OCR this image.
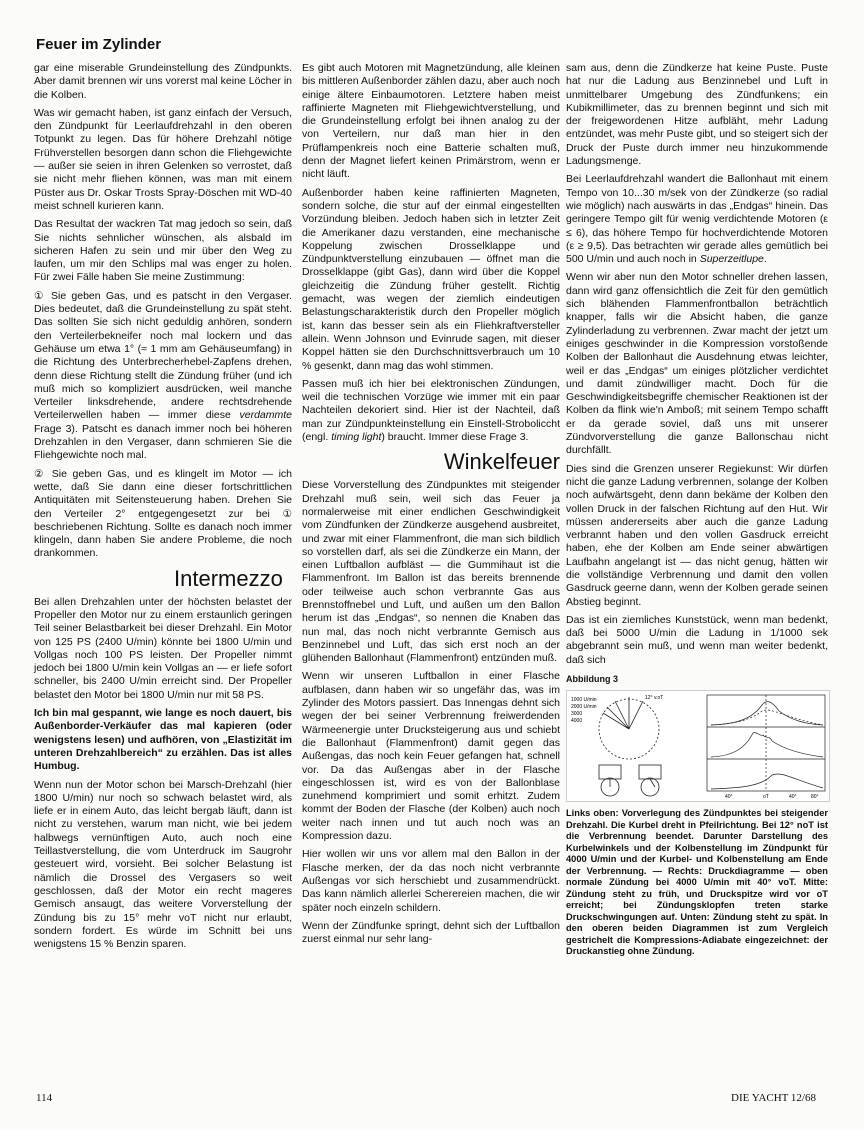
Feuer im Zylinder

gar eine miserable Grundeinstellung des Zündpunkts. Aber damit brennen wir uns vorerst mal keine Löcher in die Kolben.

Was wir gemacht haben, ist ganz einfach der Versuch, den Zündpunkt für Leerlaufdrehzahl in den oberen Totpunkt zu legen. Das für höhere Drehzahl nötige Frühverstellen besorgen dann schon die Fliehgewichte — außer sie seien in ihren Gelenken so verrostet, daß sie nicht mehr fliehen können, was man mit einem Püster aus Dr. Oskar Trosts Spray-Döschen mit WD-40 meist schnell kurieren kann.

Das Resultat der wackren Tat mag jedoch so sein, daß Sie nichts sehnlicher wünschen, als alsbald im sicheren Hafen zu sein und mir über den Weg zu laufen, um mir den Schlips mal was enger zu holen. Für zwei Fälle haben Sie meine Zustimmung:

① Sie geben Gas, und es patscht in den Vergaser. Dies bedeutet, daß die Grundeinstellung zu spät steht. Das sollten Sie sich nicht geduldig anhören, sondern den Verteilerbekneifer noch mal lockern und das Gehäuse um etwa 1° (≈ 1 mm am Gehäuseumfang) in die Richtung des Unterbrecherhebel-Zapfens drehen, denn diese Richtung stellt die Zündung früher (und ich muß mich so kompliziert ausdrücken, weil manche Verteiler linksdrehende, andere rechtsdrehende Verteilerwellen haben — immer diese verdammte Frage 3). Patscht es danach immer noch bei höheren Drehzahlen in den Vergaser, dann schmieren Sie die Fliehgewichte noch mal.

② Sie geben Gas, und es klingelt im Motor — ich wette, daß Sie dann eine dieser fortschrittlichen Antiquitäten mit Seitensteuerung haben. Drehen Sie den Verteiler 2° entgegengesetzt zur bei ① beschriebenen Richtung. Sollte es danach noch immer klingeln, dann haben Sie andere Probleme, die noch drankommen.

Intermezzo

Bei allen Drehzahlen unter der höchsten belastet der Propeller den Motor nur zu einem erstaunlich geringen Teil seiner Belastbarkeit bei dieser Drehzahl. Ein Motor von 125 PS (2400 U/min) könnte bei 1800 U/min und Vollgas noch 100 PS leisten. Der Propeller nimmt jedoch bei 1800 U/min kein Vollgas an — er liefe sofort schneller, bis 2400 U/min erreicht sind. Der Propeller belastet den Motor bei 1800 U/min nur mit 58 PS.

Ich bin mal gespannt, wie lange es noch dauert, bis Außenborder-Verkäufer das mal kapieren (oder wenigstens lesen) und aufhören, von „Elastizität im unteren Drehzahlbereich“ zu erzählen. Das ist alles Humbug.

Wenn nun der Motor schon bei Marsch-Drehzahl (hier 1800 U/min) nur noch so schwach belastet wird, als liefe er in einem Auto, das leicht bergab läuft, dann ist nicht zu verstehen, warum man nicht, wie bei jedem halbwegs vernünftigen Auto, auch noch eine Teillastverstellung, die vom Unterdruck im Saugrohr gesteuert wird, vorsieht. Bei solcher Belastung ist nämlich die Drossel des Vergasers so weit geschlossen, daß der Motor ein recht mageres Gemisch ansaugt, das weitere Vorverstellung der Zündung bis zu 15° mehr voT nicht nur erlaubt, sondern fordert. Es würde im Schnitt bei uns wenigstens 15 % Benzin sparen.

Es gibt auch Motoren mit Magnetzündung, alle kleinen bis mittleren Außenborder zählen dazu, aber auch noch einige ältere Einbaumotoren. Letztere haben meist raffinierte Magneten mit Fliehgewichtverstellung, und die Grundeinstellung erfolgt bei ihnen analog zu der von Verteilern, nur daß man hier in den Prüflampenkreis noch eine Batterie schalten muß, denn der Magnet liefert keinen Primärstrom, wenn er nicht läuft.

Außenborder haben keine raffinierten Magneten, sondern solche, die stur auf der einmal eingestellten Vorzündung bleiben. Jedoch haben sich in letzter Zeit die Amerikaner dazu verstanden, eine mechanische Koppelung zwischen Drosselklappe und Zündpunktverstellung einzubauen — öffnet man die Drosselklappe (gibt Gas), dann wird über die Koppel gleichzeitig die Zündung früher gestellt. Richtig gemacht, was wegen der ziemlich eindeutigen Belastungscharakteristik durch den Propeller möglich ist, kann das besser sein als ein Fliehkraftversteller allein. Wenn Johnson und Evinrude sagen, mit dieser Koppel hätten sie den Durchschnittsverbrauch um 10 % gesenkt, dann mag das wohl stimmen.

Passen muß ich hier bei elektronischen Zündungen, weil die technischen Vorzüge wie immer mit ein paar Nachteilen dekoriert sind. Hier ist der Nachteil, daß man zur Zündpunkteinstellung ein Einstell-Stroboliccht (engl. timing light) braucht. Immer diese Frage 3.

Winkelfeuer

Diese Vorverstellung des Zündpunktes mit steigender Drehzahl muß sein, weil sich das Feuer ja normalerweise mit einer endlichen Geschwindigkeit vom Zündfunken der Zündkerze ausgehend ausbreitet, und zwar mit einer Flammenfront, die man sich bildlich so vorstellen darf, als sei die Zündkerze ein Mann, der einen Luftballon aufbläst — die Gummihaut ist die Flammenfront. Im Ballon ist das bereits brennende oder teilweise auch schon verbrannte Gas aus Brennstoffnebel und Luft, und außen um den Ballon herum ist das „Endgas“, so nennen die Knaben das nun mal, das noch nicht verbrannte Gemisch aus Benzinnebel und Luft, das sich erst noch an der glühenden Ballonhaut (Flammenfront) entzünden muß.

Wenn wir unseren Luftballon in einer Flasche aufblasen, dann haben wir so ungefähr das, was im Zylinder des Motors passiert. Das Innengas dehnt sich wegen der bei seiner Verbrennung freiwerdenden Wärmeenergie unter Drucksteigerung aus und schiebt die Ballonhaut (Flammenfront) damit gegen das Außengas, das noch kein Feuer gefangen hat, schnell vor. Da das Außengas aber in der Flasche eingeschlossen ist, wird es von der Ballonblase zunehmend komprimiert und somit erhitzt. Zudem kommt der Boden der Flasche (der Kolben) auch noch weiter nach innen und tut auch noch was an Kompression dazu.

Hier wollen wir uns vor allem mal den Ballon in der Flasche merken, der da das noch nicht verbrannte Außengas vor sich herschiebt und zusammendrückt. Das kann nämlich allerlei Scherereien machen, die wir später noch einzeln schildern.

Wenn der Zündfunke springt, dehnt sich der Luftballon zuerst einmal nur sehr lang-

sam aus, denn die Zündkerze hat keine Puste. Puste hat nur die Ladung aus Benzinnebel und Luft in unmittelbarer Umgebung des Zündfunkens; ein Kubikmillimeter, das zu brennen beginnt und sich mit der freigewordenen Hitze aufbläht, mehr Ladung entzündet, was mehr Puste gibt, und so steigert sich der Druck der Puste durch immer neu hinzukommende Ladungsmenge.

Bei Leerlaufdrehzahl wandert die Ballonhaut mit einem Tempo von 10...30 m/sek von der Zündkerze (so radial wie möglich) nach auswärts in das „Endgas“ hinein. Das geringere Tempo gilt für wenig verdichtende Motoren (ε ≤ 6), das höhere Tempo für hochverdichtende Motoren (ε ≥ 9,5). Das betrachten wir gerade alles gemütlich bei 500 U/min und auch noch in Superzeitlupe.

Wenn wir aber nun den Motor schneller drehen lassen, dann wird ganz offensichtlich die Zeit für den gemütlich sich blähenden Flammenfrontballon beträchtlich knapper, falls wir die Absicht haben, die ganze Zylinderladung zu verbrennen. Zwar macht der jetzt um einiges geschwinder in die Kompression vorstoßende Kolben der Ballonhaut die Ausdehnung etwas leichter, weil er das „Endgas“ um einiges plötzlicher verdichtet und damit zündwilliger macht. Doch für die Geschwindigkeitsbegriffe chemischer Reaktionen ist der Kolben da flink wie'n Amboß; mit seinem Tempo schafft er da gerade soviel, daß uns mit unserer Zündvorverstellung die ganze Ballonschau nicht durchfällt.

Dies sind die Grenzen unserer Regiekunst: Wir dürfen nicht die ganze Ladung verbrennen, solange der Kolben noch aufwärtsgeht, denn dann bekäme der Kolben den vollen Druck in der falschen Richtung auf den Hut. Wir müssen andererseits aber auch die ganze Ladung verbrannt haben und den vollen Gasdruck erreicht haben, ehe der Kolben am Ende seiner abwärtigen Laufbahn angelangt ist — das nicht genug, hätten wir die vollständige Verbrennung und damit den vollen Gasdruck geerne dann, wenn der Kolben gerade seinen Abstieg beginnt.

Das ist ein ziemliches Kunststück, wenn man bedenkt, daß bei 5000 U/min die Ladung in 1/1000 sek abgebrannt sein muß, und wenn man weiter bedenkt, daß sich

Abbildung 3
1000 U/min
2000 U/min
3000
4000
12° v.oT
40°	oT	40°	80°
Links oben: Vorverlegung des Zündpunktes bei steigender Drehzahl. Die Kurbel dreht in Pfeilrichtung. Bei 12° noT ist die Verbrennung beendet. Darunter Darstellung des Kurbelwinkels und der Kolbenstellung im Zündpunkt für 4000 U/min und der Kurbel- und Kolbenstellung am Ende der Verbrennung. — Rechts: Druckdiagramme — oben normale Zündung bei 4000 U/min mit 40° voT. Mitte: Zündung steht zu früh, und Druckspitze wird vor oT erreicht; bei Zündungsklopfen treten starke Druckschwingungen auf. Unten: Zündung steht zu spät. In den oberen beiden Diagrammen ist zum Vergleich gestrichelt die Kompressions-Adiabate eingezeichnet: der Druckanstieg ohne Zündung.
114	DIE YACHT 12/68
